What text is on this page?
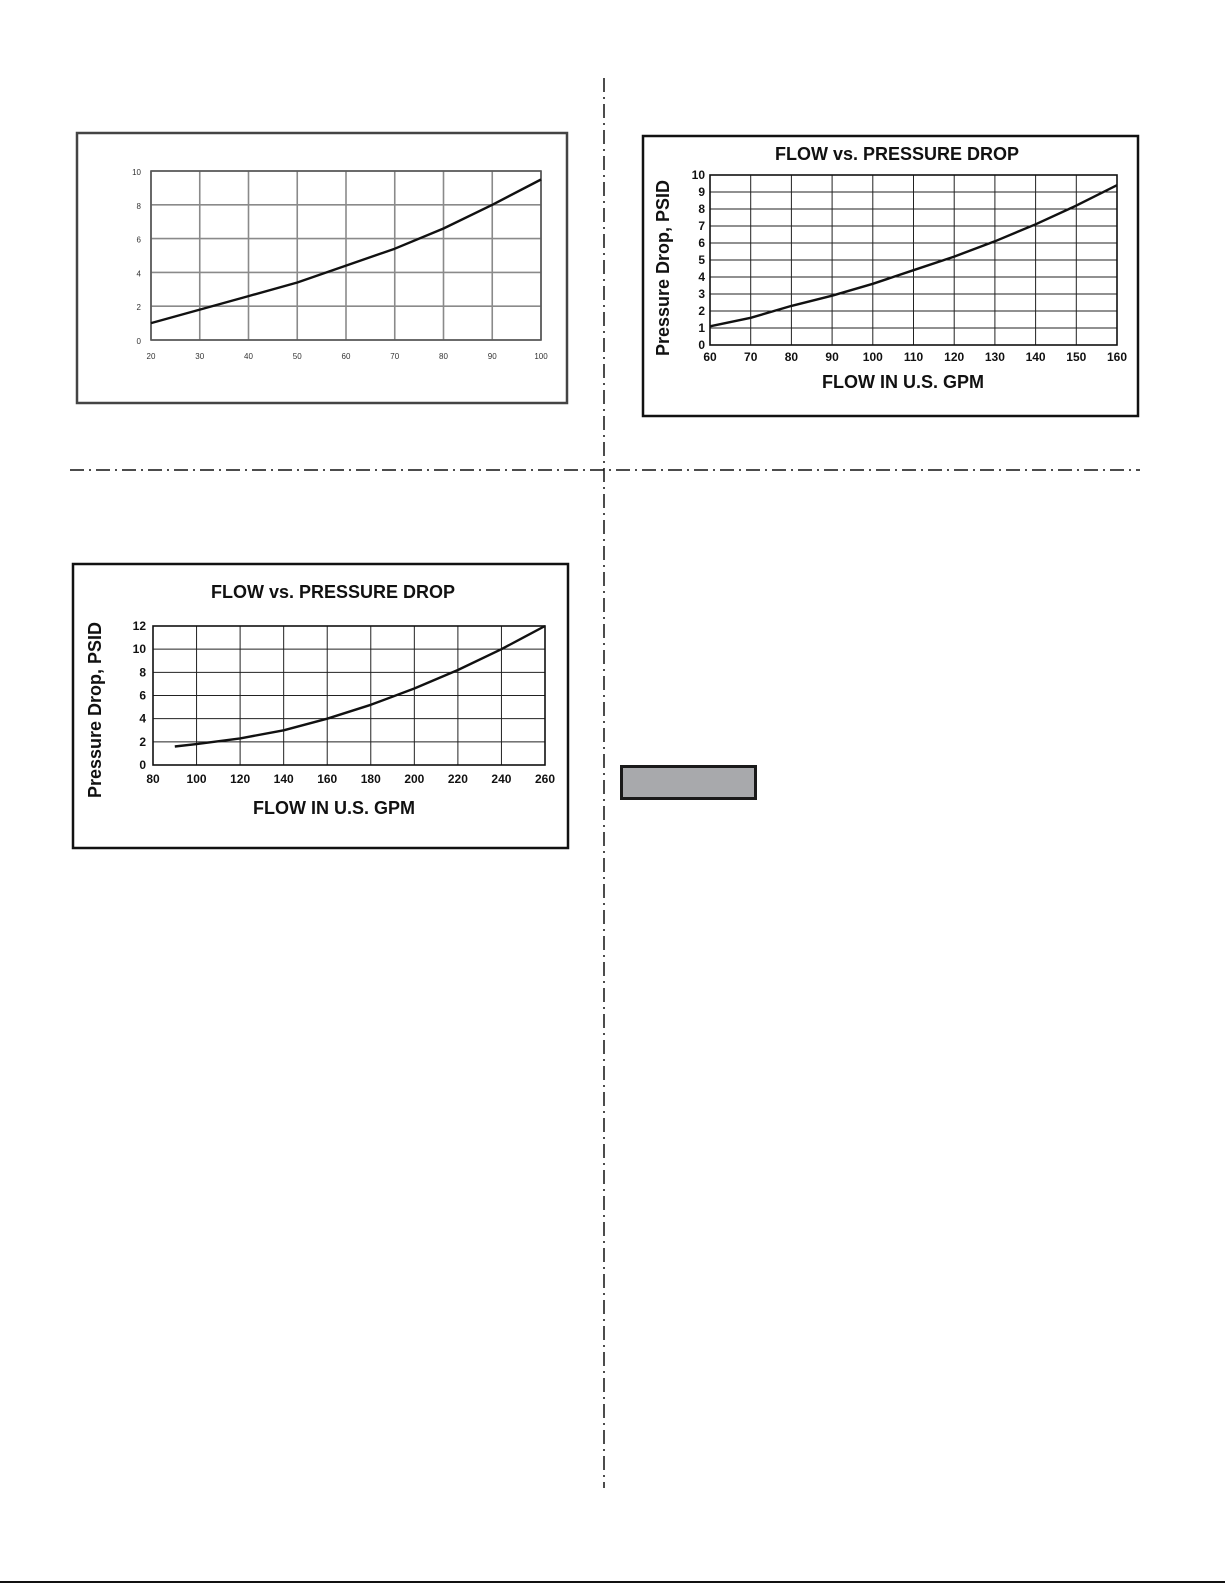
FLOW vs. PRESSURE DROP
FLOW vs. PRESSURE DROP
FLOW IN U.S. GPM
Pressure Drop, PSID
FLOW IN U.S. GPM
Pressure Drop, PSID
20	30	40	50	60	70	80	90	100
0
2
4
6
8
10
60 70 80 90 100 110 120 130 140 150 160
0
1
2
3
4
5
6
7
8
9
10
80 100 120 140 160 180 200 220 240 260
0
2
4
6
8
10
12
